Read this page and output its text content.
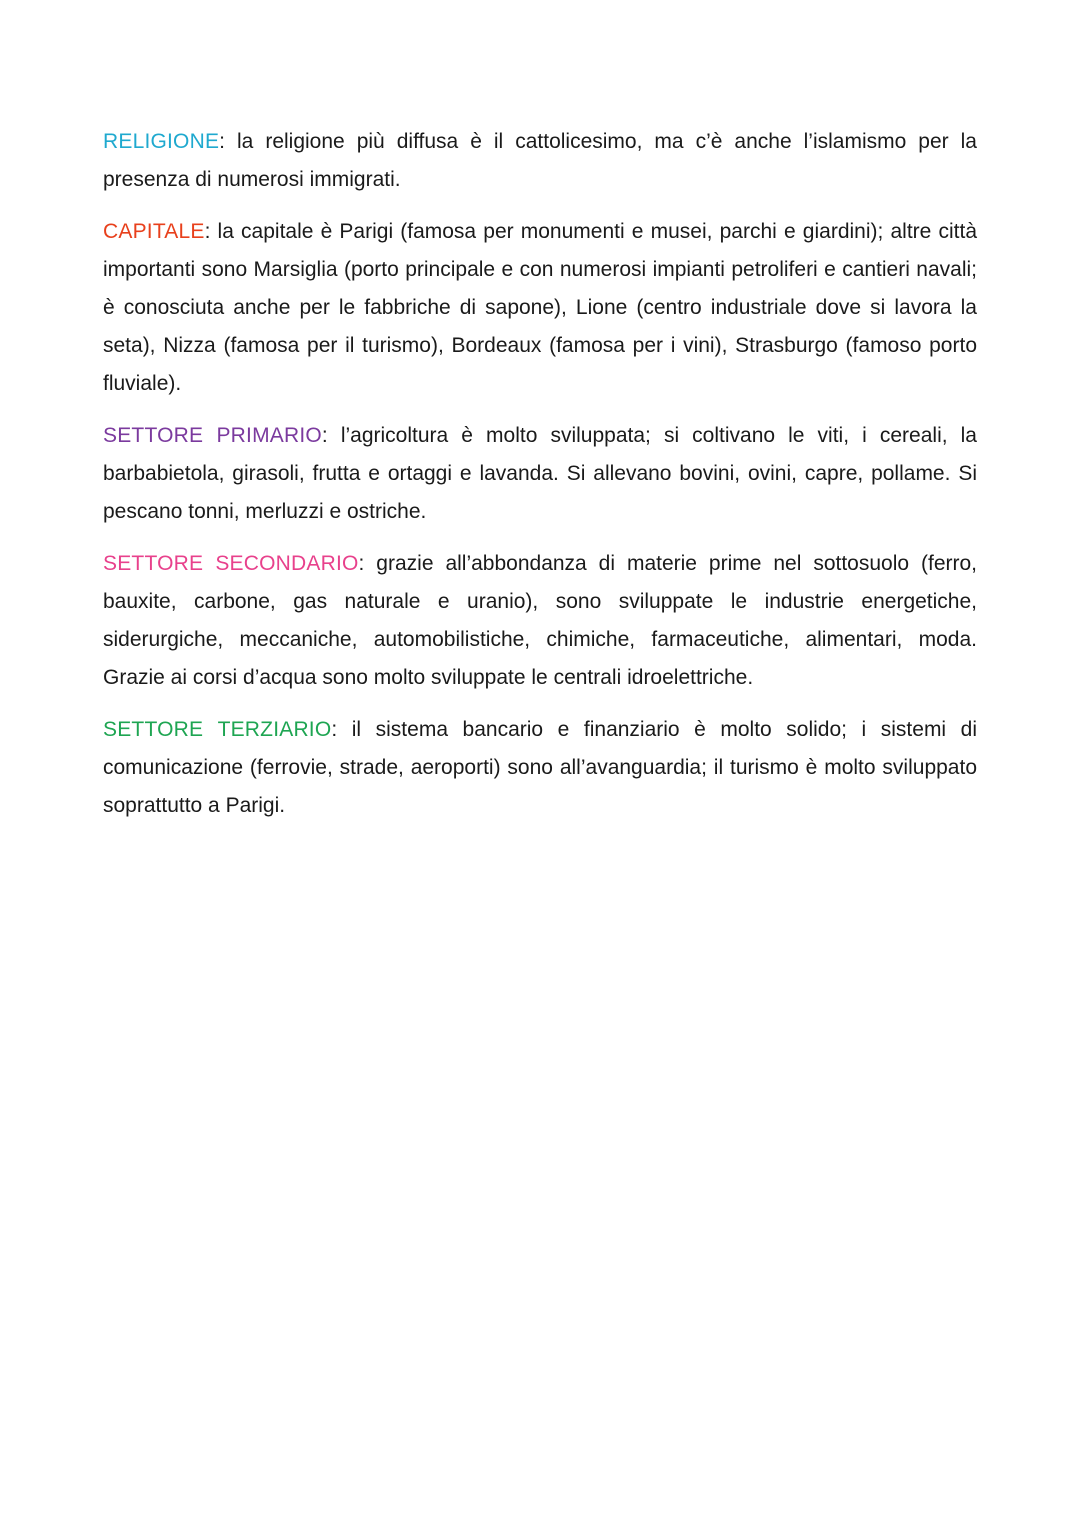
RELIGIONE: la religione più diffusa è il cattolicesimo, ma c’è anche l’islamismo per la presenza di numerosi immigrati.

CAPITALE: la capitale è Parigi (famosa per monumenti e musei, parchi e giardini); altre città importanti sono Marsiglia (porto principale e con numerosi impianti petroliferi e cantieri navali; è conosciuta anche per le fabbriche di sapone), Lione (centro industriale dove si lavora la seta), Nizza (famosa per il turismo), Bordeaux (famosa per i vini), Strasburgo (famoso porto fluviale).

SETTORE PRIMARIO: l’agricoltura è molto sviluppata; si coltivano le viti, i cereali, la barbabietola, girasoli, frutta e ortaggi e lavanda. Si allevano bovini, ovini, capre, pollame. Si pescano tonni, merluzzi e ostriche.

SETTORE SECONDARIO: grazie all’abbondanza di materie prime nel sottosuolo (ferro, bauxite, carbone, gas naturale e uranio), sono sviluppate le industrie energetiche, siderurgiche, meccaniche, automobilistiche, chimiche, farmaceutiche, alimentari, moda. Grazie ai corsi d’acqua sono molto sviluppate le centrali idroelettriche.

SETTORE TERZIARIO: il sistema bancario e finanziario è molto solido; i sistemi di comunicazione (ferrovie, strade, aeroporti) sono all’avanguardia; il turismo è molto sviluppato soprattutto a Parigi.
